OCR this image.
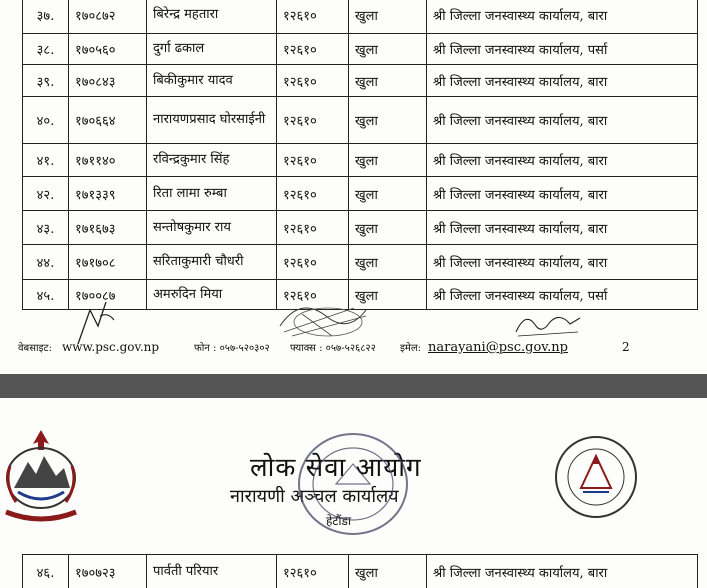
३७.	१७०८७२	बिरेन्द्र महतारा	१२६१०	खुला	श्री जिल्ला जनस्वास्थ्य कार्यालय, बारा
३८.	१७०५६०	दुर्गा ढकाल	१२६१०	खुला	श्री जिल्ला जनस्वास्थ्य कार्यालय, पर्सा
३९.	१७०८४३	बिकीकुमार यादव	१२६१०	खुला	श्री जिल्ला जनस्वास्थ्य कार्यालय, बारा
४०.	१७०६६४	नारायणप्रसाद घोरसाईनी	१२६१०	खुला	श्री जिल्ला जनस्वास्थ्य कार्यालय, बारा
४१.	१७११४०	रविन्द्रकुमार सिंह	१२६१०	खुला	श्री जिल्ला जनस्वास्थ्य कार्यालय, बारा
४२.	१७१३३९	रिता लामा रुम्बा	१२६१०	खुला	श्री जिल्ला जनस्वास्थ्य कार्यालय, बारा
४३.	१७१६७३	सन्तोषकुमार राय	१२६१०	खुला	श्री जिल्ला जनस्वास्थ्य कार्यालय, बारा
४४.	१७१७०८	सरिताकुमारी चौधरी	१२६१०	खुला	श्री जिल्ला जनस्वास्थ्य कार्यालय, बारा
४५.	१७००८७	अमरुदिन मिया	१२६१०	खुला	श्री जिल्ला जनस्वास्थ्य कार्यालय, पर्सा
वेबसाइट: www.psc.gov.np	फोन : ०५७-५२०३०२ फ्याक्स : ०५७-५२६८२२ इमेल: narayani@psc.gov.np	2
लोक सेवा आयोग
नारायणी अञ्चल कार्यालय
हेटौंडा
४६.	१७०७२३	पार्वती परियार	१२६१०	खुला	श्री जिल्ला जनस्वास्थ्य कार्यालय, बारा
